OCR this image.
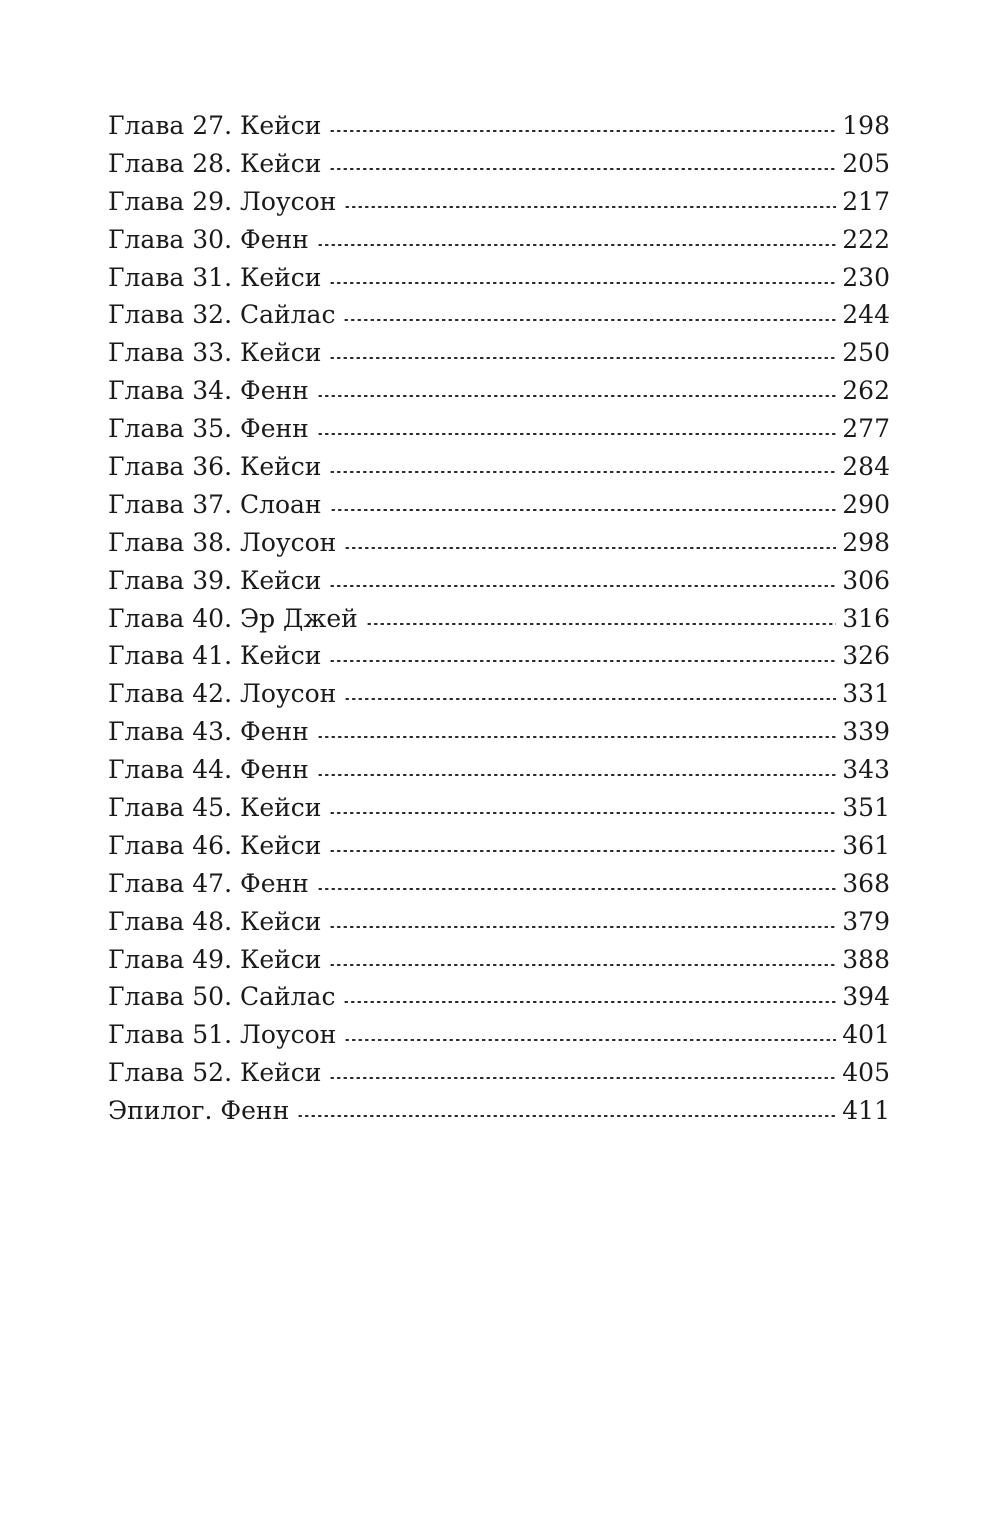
Глава 27. Кейси	198
Глава 28. Кейси	205
Глава 29. Лоусон	217
Глава 30. Фенн	222
Глава 31. Кейси	230
Глава 32. Сайлас	244
Глава 33. Кейси	250
Глава 34. Фенн	262
Глава 35. Фенн	277
Глава 36. Кейси	284
Глава 37. Слоан	290
Глава 38. Лоусон	298
Глава 39. Кейси	306
Глава 40. Эр Джей	316
Глава 41. Кейси	326
Глава 42. Лоусон	331
Глава 43. Фенн	339
Глава 44. Фенн	343
Глава 45. Кейси	351
Глава 46. Кейси	361
Глава 47. Фенн	368
Глава 48. Кейси	379
Глава 49. Кейси	388
Глава 50. Сайлас	394
Глава 51. Лоусон	401
Глава 52. Кейси	405
Эпилог. Фенн	411
